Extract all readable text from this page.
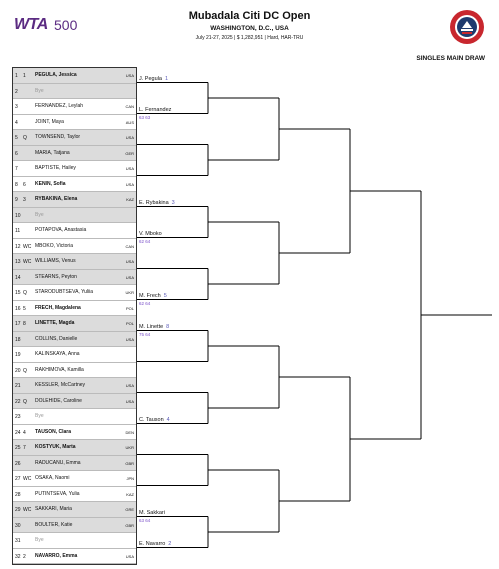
WTA 500
Mubadala Citi DC Open
WASHINGTON, D.C., USA
July 21-27, 2025 | $ 1,282,951 | Hard, HAR-TRU
SINGLES MAIN DRAW
1 1 PEGULA, Jessica	USA
2	Bye
3	FERNANDEZ, Leylah	CAN
4	JOINT, Maya	AUS
5 Q TOWNSEND, Taylor	USA
6	MARIA, Tatjana	GER
7	BAPTISTE, Hailey	USA
8 6 KENIN, Sofia	USA
9 3 RYBAKINA, Elena	KAZ
10	Bye
11	POTAPOVA, Anastasia
12 WC MBOKO, Victoria	CAN
13 WC WILLIAMS, Venus	USA
14	STEARNS, Peyton	USA
15 Q STARODUBTSEVA, Yuliia	UKR
16 5 FRECH, Magdalena	POL
17 8 LINETTE, Magda	POL
18	COLLINS, Danielle	USA
19	KALINSKAYA, Anna
20 Q RAKHIMOVA, Kamilla
21	KESSLER, McCartney	USA
22 Q DOLEHIDE, Caroline	USA
23	Bye
24 4 TAUSON, Clara	DEN
25 7 KOSTYUK, Marta	UKR
26	RADUCANU, Emma	GBR
27 WC OSAKA, Naomi	JPN
28	PUTINTSEVA, Yulia	KAZ
29 WC SAKKARI, Maria	GRE
30	BOULTER, Katie	GBR
31	Bye
32 2 NAVARRO, Emma	USA
J. Pegula 1
L. Fernandez
63 63
E. Rybakina 3
V. Mboko
62 64
M. Frech 5
62 64
M. Linette 8
75 64
C. Tauson 4
M. Sakkari
63 64
E. Navarro 2
